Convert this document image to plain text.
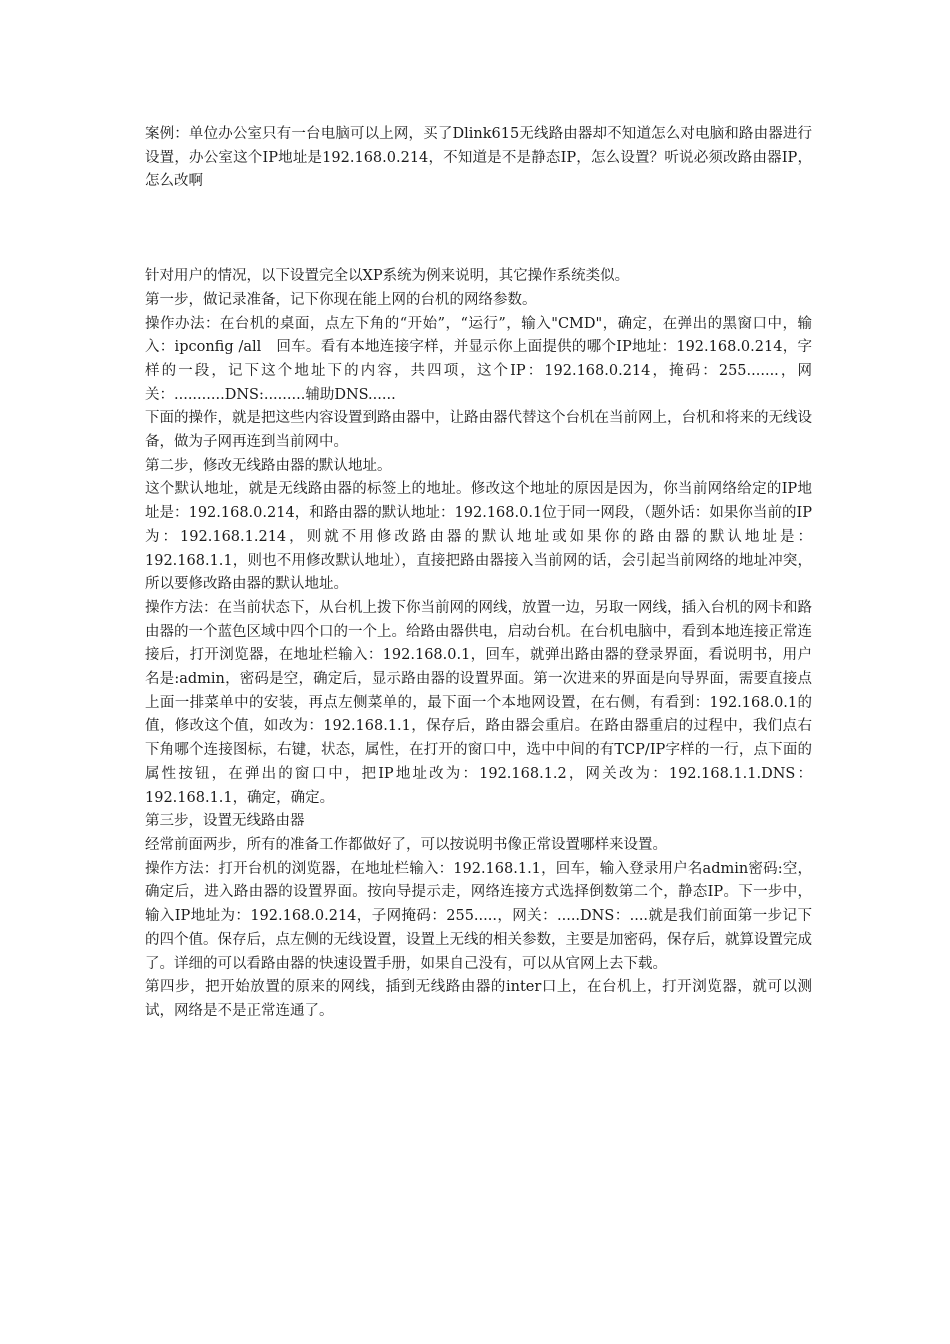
案例：单位办公室只有一台电脑可以上网，买了Dlink615无线路由器却不知道怎么对电脑和路由器进行设置，办公室这个IP地址是192.168.0.214，不知道是不是静态IP，怎么设置？听说必须改路由器IP，怎么改啊

针对用户的情况，以下设置完全以XP系统为例来说明，其它操作系统类似。

第一步，做记录准备，记下你现在能上网的台机的网络参数。

操作办法：在台机的桌面，点左下角的“开始”，“运行”，输入"CMD"，确定，在弹出的黑窗口中，输入：ipconfig /all　回车。看有本地连接字样，并显示你上面提供的哪个IP地址：192.168.0.214，字样的一段，记下这个地址下的内容，共四项，这个IP：192.168.0.214，掩码：255.......，网关：...........DNS:.........辅助DNS......

下面的操作，就是把这些内容设置到路由器中，让路由器代替这个台机在当前网上，台机和将来的无线设备，做为子网再连到当前网中。

第二步，修改无线路由器的默认地址。

这个默认地址，就是无线路由器的标签上的地址。修改这个地址的原因是因为，你当前网络给定的IP地址是：192.168.0.214，和路由器的默认地址：192.168.0.1位于同一网段，（题外话：如果你当前的IP为：192.168.1.214，则就不用修改路由器的默认地址或如果你的路由器的默认地址是：192.168.1.1，则也不用修改默认地址），直接把路由器接入当前网的话，会引起当前网络的地址冲突，所以要修改路由器的默认地址。

操作方法：在当前状态下，从台机上拨下你当前网的网线，放置一边，另取一网线，插入台机的网卡和路由器的一个蓝色区域中四个口的一个上。给路由器供电，启动台机。在台机电脑中，看到本地连接正常连接后，打开浏览器，在地址栏输入：192.168.0.1，回车，就弹出路由器的登录界面，看说明书，用户名是:admin，密码是空，确定后，显示路由器的设置界面。第一次进来的界面是向导界面，需要直接点上面一排菜单中的安装，再点左侧菜单的，最下面一个本地网设置，在右侧，有看到：192.168.0.1的值，修改这个值，如改为：192.168.1.1，保存后，路由器会重启。在路由器重启的过程中，我们点右下角哪个连接图标，右键，状态，属性，在打开的窗口中，选中中间的有TCP/IP字样的一行，点下面的属性按钮，在弹出的窗口中，把IP地址改为：192.168.1.2，网关改为：192.168.1.1.DNS：192.168.1.1，确定，确定。

第三步，设置无线路由器

经常前面两步，所有的准备工作都做好了，可以按说明书像正常设置哪样来设置。

操作方法：打开台机的浏览器，在地址栏输入：192.168.1.1，回车，输入登录用户名admin密码:空，确定后，进入路由器的设置界面。按向导提示走，网络连接方式选择倒数第二个，静态IP。下一步中，输入IP地址为：192.168.0.214，子网掩码：255.....，网关：.....DNS：....就是我们前面第一步记下的四个值。保存后，点左侧的无线设置，设置上无线的相关参数，主要是加密码，保存后，就算设置完成了。详细的可以看路由器的快速设置手册，如果自己没有，可以从官网上去下载。

第四步，把开始放置的原来的网线，插到无线路由器的inter口上，在台机上，打开浏览器，就可以测试，网络是不是正常连通了。
